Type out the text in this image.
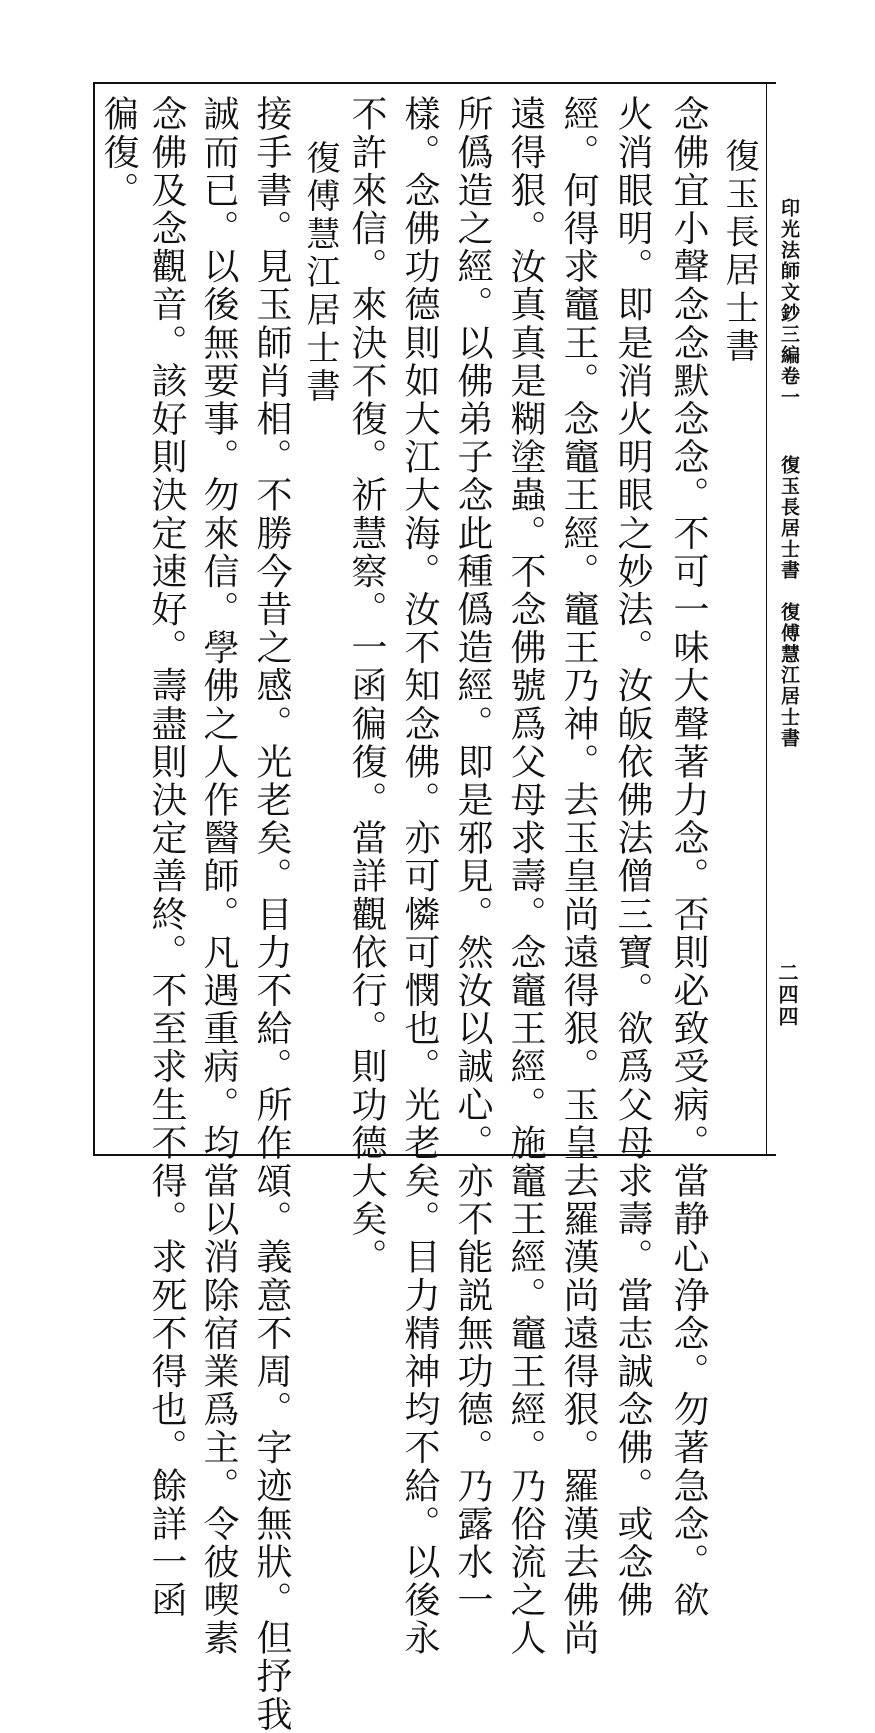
印光法師文鈔三編卷一
復玉長居士書　復傅慧江居士書
二四四
復玉長居士書
念佛宜小聲念念默念念。不可一味大聲著力念。否則必致受病。當静心浄念。勿著急念。欲
火消眼明。即是消火明眼之妙法。汝皈依佛法僧三寶。欲爲父母求壽。當志誠念佛。或念佛
經。何得求竈王。念竈王經。竈王乃神。去玉皇尚遠得狠。玉皇去羅漢尚遠得狠。羅漢去佛尚
遠得狠。汝真真是糊塗蟲。不念佛號爲父母求壽。念竈王經。施竈王經。竈王經。乃俗流之人
所僞造之經。以佛弟子念此種僞造經。即是邪見。然汝以誠心。亦不能説無功德。乃露水一
樣。念佛功德則如大江大海。汝不知念佛。亦可憐可憫也。光老矣。目力精神均不給。以後永
不許來信。來決不復。祈慧察。一函徧復。當詳觀依行。則功德大矣。
復傅慧江居士書
接手書。見玉師肖相。不勝今昔之感。光老矣。目力不給。所作頌。義意不周。字迹無狀。但抒我
誠而已。以後無要事。勿來信。學佛之人作醫師。凡遇重病。均當以消除宿業爲主。令彼喫素
念佛及念觀音。該好則決定速好。壽盡則決定善終。不至求生不得。求死不得也。餘詳一函
徧復。
